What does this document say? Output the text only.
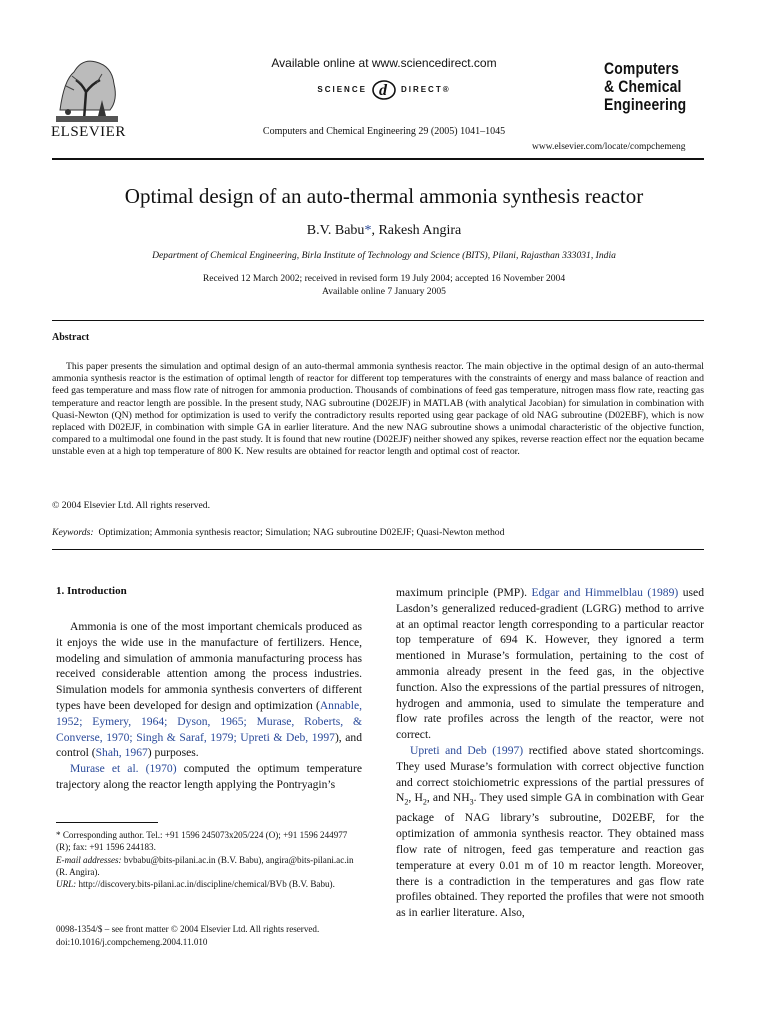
ELSEVIER
Available online at www.sciencedirect.com
SCIENCE d DIRECT®
Computers and Chemical Engineering 29 (2005) 1041–1045
Computers
& Chemical
Engineering
www.elsevier.com/locate/compchemeng
Optimal design of an auto-thermal ammonia synthesis reactor
B.V. Babu*, Rakesh Angira
Department of Chemical Engineering, Birla Institute of Technology and Science (BITS), Pilani, Rajasthan 333031, India
Received 12 March 2002; received in revised form 19 July 2004; accepted 16 November 2004
Available online 7 January 2005
Abstract

This paper presents the simulation and optimal design of an auto-thermal ammonia synthesis reactor. The main objective in the optimal design of an auto-thermal ammonia synthesis reactor is the estimation of optimal length of reactor for different top temperatures with the constraints of energy and mass balance of reaction and feed gas temperature and mass flow rate of nitrogen for ammonia production. Thousands of combinations of feed gas temperature, nitrogen mass flow rate, reacting gas temperature and reactor length are possible. In the present study, NAG subroutine (D02EJF) in MATLAB (with analytical Jacobian) for simulation in combination with Quasi-Newton (QN) method for optimization is used to verify the contradictory results reported using gear package of old NAG subroutine (D02EBF), which is now replaced with D02EJF, in combination with simple GA in earlier literature. And the new NAG subroutine shows a unimodal characteristic of the objective function, compared to a multimodal one found in the past study. It is found that new routine (D02EJF) neither showed any spikes, reverse reaction effect nor the equation became unstable even at a high top temperature of 800 K. New results are obtained for reactor length and optimal cost of reactor.

© 2004 Elsevier Ltd. All rights reserved.
Keywords: Optimization; Ammonia synthesis reactor; Simulation; NAG subroutine D02EJF; Quasi-Newton method
1. Introduction

Ammonia is one of the most important chemicals produced as it enjoys the wide use in the manufacture of fertilizers. Hence, modeling and simulation of ammonia manufacturing process has received considerable attention among the process industries. Simulation models for ammonia synthesis converters of different types have been developed for design and optimization (Annable, 1952; Eymery, 1964; Dyson, 1965; Murase, Roberts, & Converse, 1970; Singh & Saraf, 1979; Upreti & Deb, 1997), and control (Shah, 1967) purposes.

Murase et al. (1970) computed the optimum temperature trajectory along the reactor length applying the Pontryagin’s

maximum principle (PMP). Edgar and Himmelblau (1989) used Lasdon’s generalized reduced-gradient (LGRG) method to arrive at an optimal reactor length corresponding to a particular reactor top temperature of 694 K. However, they ignored a term mentioned in Murase’s formulation, pertaining to the cost of ammonia already present in the feed gas, in the objective function. Also the expressions of the partial pressures of nitrogen, hydrogen and ammonia, used to simulate the temperature and flow rate profiles across the length of the reactor, were not correct.

Upreti and Deb (1997) rectified above stated shortcomings. They used Murase’s formulation with correct objective function and correct stoichiometric expressions of the partial pressures of $N_2$, $H_2$, and $NH_3$. They used simple GA in combination with Gear package of NAG library’s subroutine, D02EBF, for the optimization of ammonia synthesis reactor. They obtained mass flow rate of nitrogen, feed gas temperature and reaction gas temperature at every 0.01 m of 10 m reactor length. Moreover, there is a contradiction in the temperatures and gas flow rate profiles obtained. They reported the profiles that were not smooth as in earlier literature. Also,

* Corresponding author. Tel.: +91 1596 245073x205/224 (O); +91 1596 244977 (R); fax: +91 1596 244183.
E-mail addresses: bvbabu@bits-pilani.ac.in (B.V. Babu), angira@bits-pilani.ac.in (R. Angira).
URL: http://discovery.bits-pilani.ac.in/discipline/chemical/BVb (B.V. Babu).
0098-1354/$ – see front matter © 2004 Elsevier Ltd. All rights reserved.
doi:10.1016/j.compchemeng.2004.11.010
